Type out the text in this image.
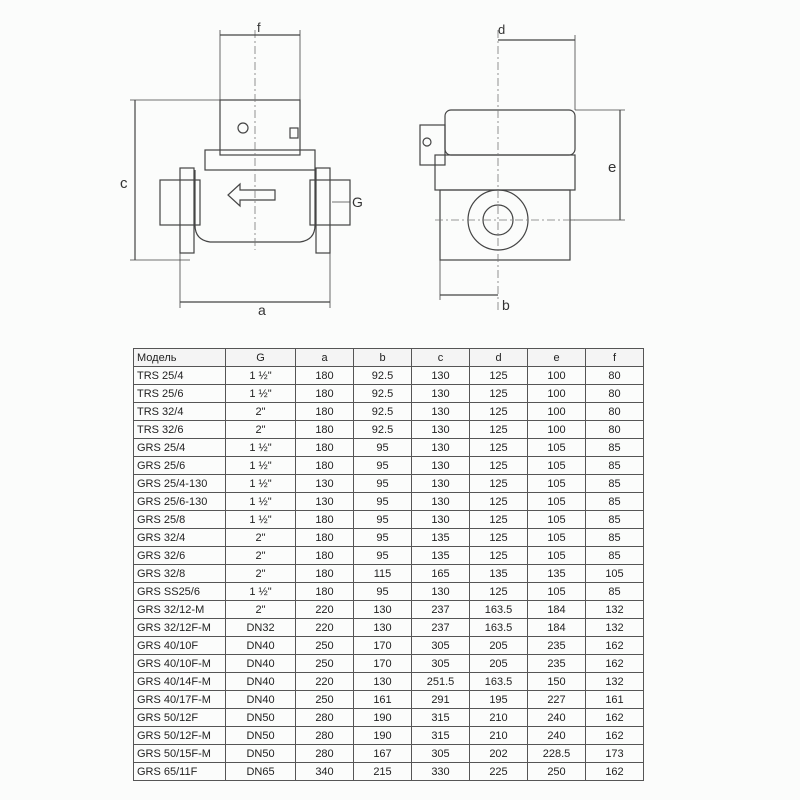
f
c
G
a
d
e
b
Модель	G	a	b	c	d	e	f
TRS 25/4	1 ½"	180	92.5	130	125	100	80
TRS 25/6	1 ½"	180	92.5	130	125	100	80
TRS 32/4	2"	180	92.5	130	125	100	80
TRS 32/6	2"	180	92.5	130	125	100	80
GRS 25/4	1 ½"	180	95	130	125	105	85
GRS 25/6	1 ½"	180	95	130	125	105	85
GRS 25/4-130	1 ½"	130	95	130	125	105	85
GRS 25/6-130	1 ½"	130	95	130	125	105	85
GRS 25/8	1 ½"	180	95	130	125	105	85
GRS 32/4	2"	180	95	135	125	105	85
GRS 32/6	2"	180	95	135	125	105	85
GRS 32/8	2"	180	115	165	135	135	105
GRS SS25/6	1 ½"	180	95	130	125	105	85
GRS 32/12-M	2"	220	130	237	163.5	184	132
GRS 32/12F-M	DN32	220	130	237	163.5	184	132
GRS 40/10F	DN40	250	170	305	205	235	162
GRS 40/10F-M	DN40	250	170	305	205	235	162
GRS 40/14F-M	DN40	220	130	251.5	163.5	150	132
GRS 40/17F-M	DN40	250	161	291	195	227	161
GRS 50/12F	DN50	280	190	315	210	240	162
GRS 50/12F-M	DN50	280	190	315	210	240	162
GRS 50/15F-M	DN50	280	167	305	202	228.5	173
GRS 65/11F	DN65	340	215	330	225	250	162
